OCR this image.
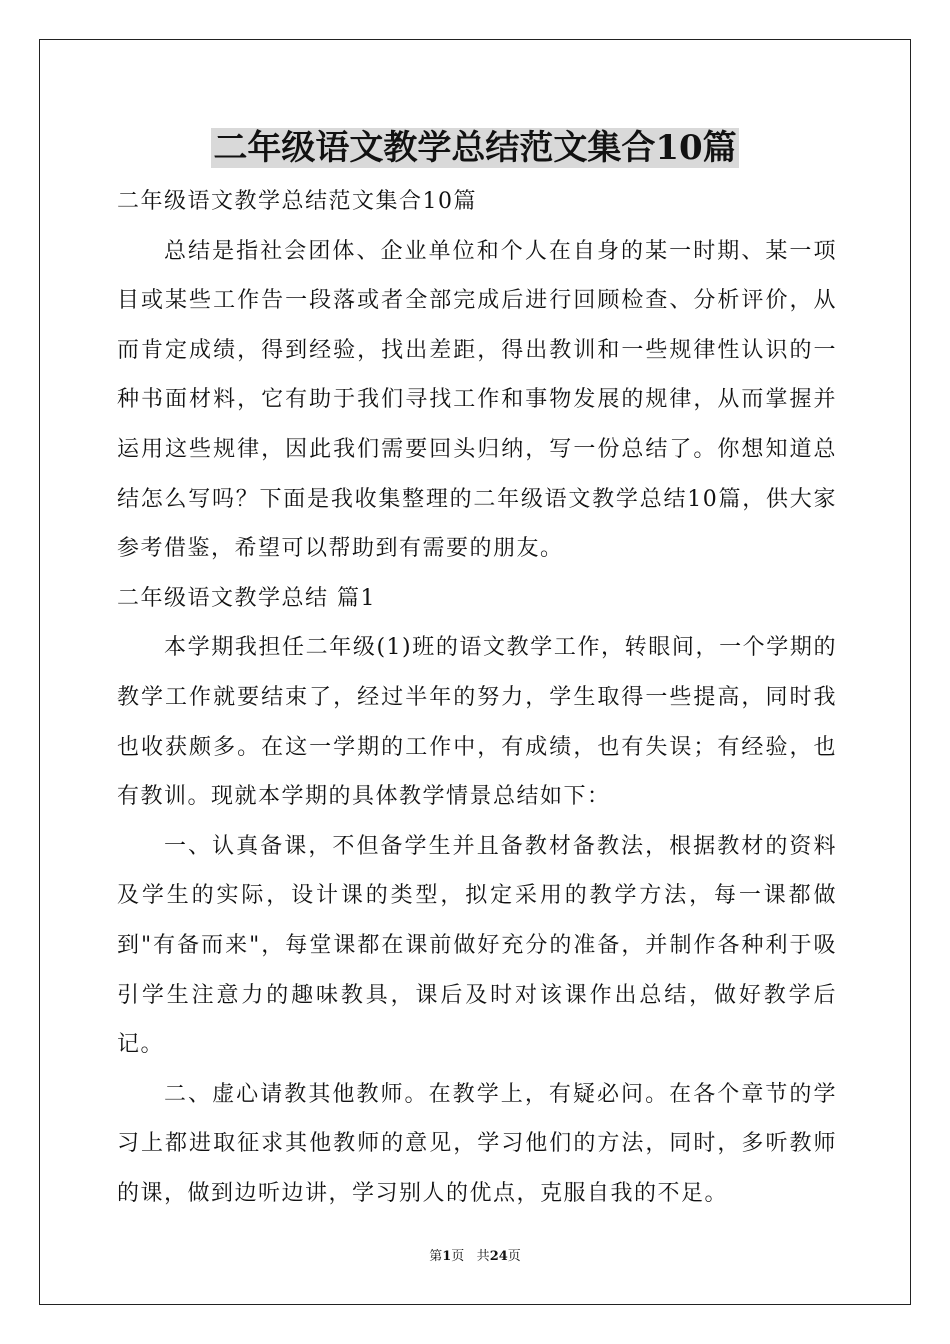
二年级语文教学总结范文集合10篇

二年级语文教学总结范文集合10篇

总结是指社会团体、企业单位和个人在自身的某一时期、某一项目或某些工作告一段落或者全部完成后进行回顾检查、分析评价，从而肯定成绩，得到经验，找出差距，得出教训和一些规律性认识的一种书面材料，它有助于我们寻找工作和事物发展的规律，从而掌握并运用这些规律，因此我们需要回头归纳，写一份总结了。你想知道总结怎么写吗？下面是我收集整理的二年级语文教学总结10篇，供大家参考借鉴，希望可以帮助到有需要的朋友。

二年级语文教学总结 篇1

本学期我担任二年级(1)班的语文教学工作，转眼间，一个学期的教学工作就要结束了，经过半年的努力，学生取得一些提高，同时我也收获颇多。在这一学期的工作中，有成绩，也有失误；有经验，也有教训。现就本学期的具体教学情景总结如下：

一、认真备课，不但备学生并且备教材备教法，根据教材的资料及学生的实际，设计课的类型，拟定采用的教学方法，每一课都做到"有备而来"，每堂课都在课前做好充分的准备，并制作各种利于吸引学生注意力的趣味教具，课后及时对该课作出总结，做好教学后记。

二、虚心请教其他教师。在教学上，有疑必问。在各个章节的学习上都进取征求其他教师的意见，学习他们的方法，同时，多听教师的课，做到边听边讲，学习别人的优点，克服自我的不足。

第1页 共24页
